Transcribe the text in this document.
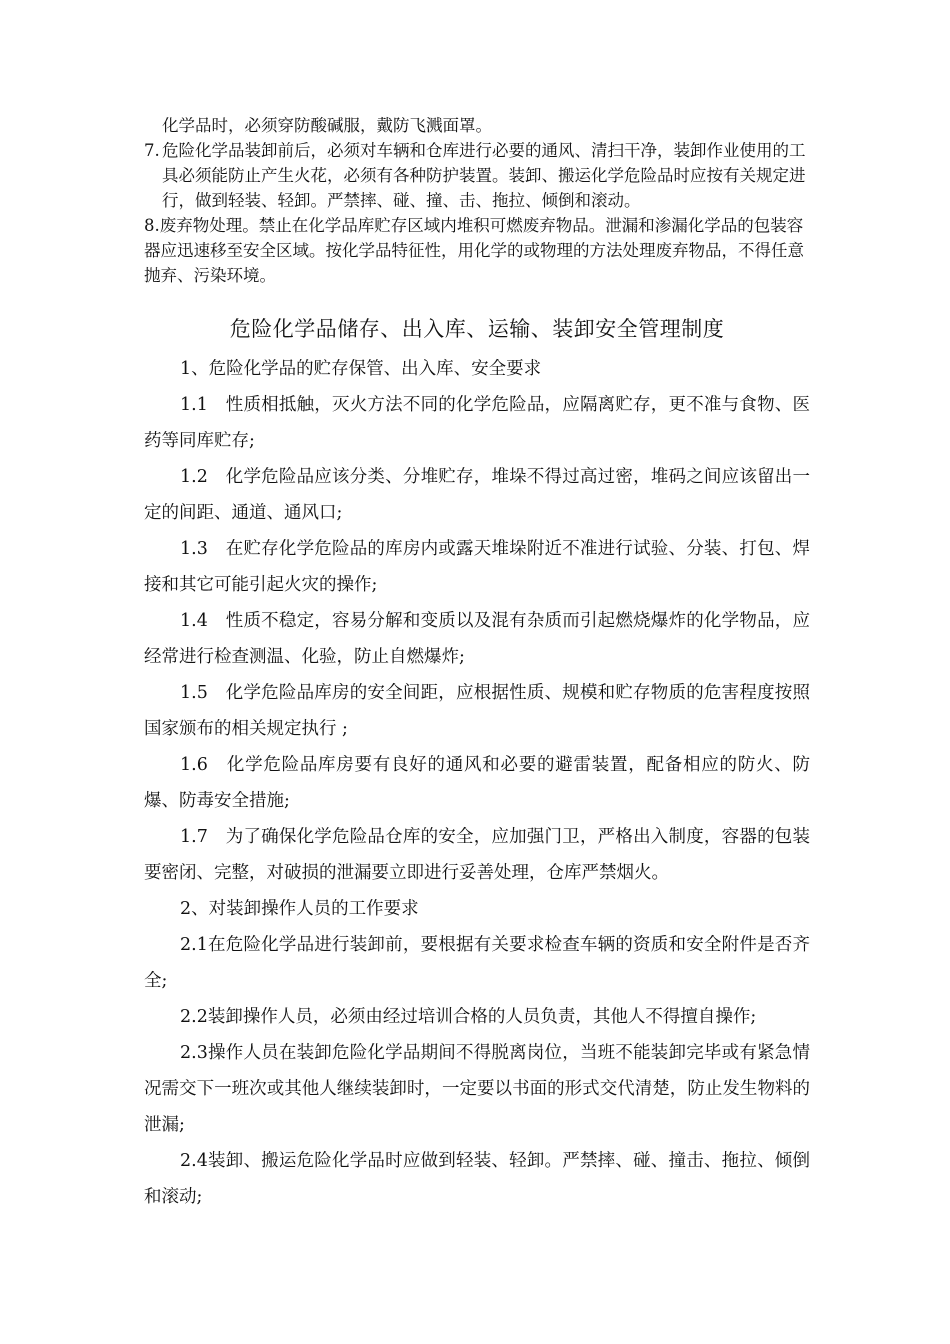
化学品时，必须穿防酸碱服，戴防飞溅面罩。
7. 危险化学品装卸前后，必须对车辆和仓库进行必要的通风、清扫干净，装卸作业使用的工具必须能防止产生火花，必须有各种防护装置。装卸、搬运化学危险品时应按有关规定进行，做到轻装、轻卸。严禁摔、碰、撞、击、拖拉、倾倒和滚动。
8.废弃物处理。禁止在化学品库贮存区域内堆积可燃废弃物品。泄漏和渗漏化学品的包装容器应迅速移至安全区域。按化学品特征性，用化学的或物理的方法处理废弃物品，不得任意抛弃、污染环境。
危险化学品储存、出入库、运输、装卸安全管理制度

1、危险化学品的贮存保管、出入库、安全要求

1.1　性质相抵触，灭火方法不同的化学危险品，应隔离贮存，更不准与食物、医药等同库贮存;

1.2　化学危险品应该分类、分堆贮存，堆垛不得过高过密，堆码之间应该留出一定的间距、通道、通风口;

1.3　在贮存化学危险品的库房内或露天堆垛附近不准进行试验、分装、打包、焊接和其它可能引起火灾的操作;

1.4　性质不稳定，容易分解和变质以及混有杂质而引起燃烧爆炸的化学物品，应经常进行检查测温、化验，防止自燃爆炸;

1.5　化学危险品库房的安全间距，应根据性质、规模和贮存物质的危害程度按照国家颁布的相关规定执行 ;

1.6　化学危险品库房要有良好的通风和必要的避雷装置，配备相应的防火、防爆、防毒安全措施;

1.7　为了确保化学危险品仓库的安全，应加强门卫，严格出入制度，容器的包装要密闭、完整，对破损的泄漏要立即进行妥善处理，仓库严禁烟火。

2、对装卸操作人员的工作要求

2.1在危险化学品进行装卸前，要根据有关要求检查车辆的资质和安全附件是否齐全;

2.2装卸操作人员，必须由经过培训合格的人员负责，其他人不得擅自操作;

2.3操作人员在装卸危险化学品期间不得脱离岗位，当班不能装卸完毕或有紧急情况需交下一班次或其他人继续装卸时，一定要以书面的形式交代清楚，防止发生物料的泄漏;

2.4装卸、搬运危险化学品时应做到轻装、轻卸。严禁摔、碰、撞击、拖拉、倾倒和滚动;
